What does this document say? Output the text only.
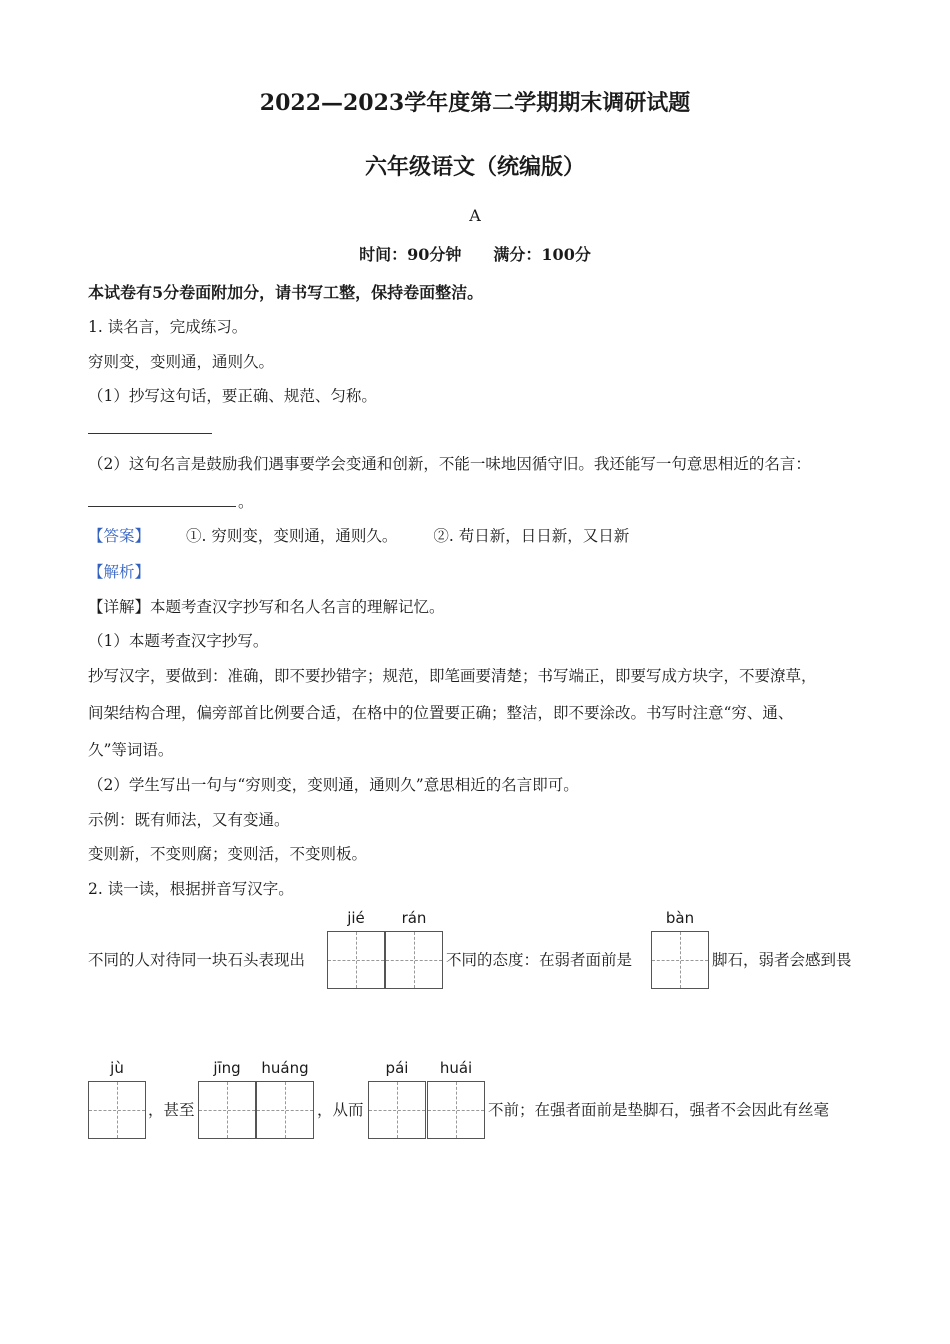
2022—2023学年度第二学期期末调研试题
六年级语文（统编版）
A
时间：90分钟　　满分：100分
本试卷有5分卷面附加分，请书写工整，保持卷面整洁。
1. 读名言，完成练习。
穷则变，变则通，通则久。
（1）抄写这句话，要正确、规范、匀称。
（2）这句名言是鼓励我们遇事要学会变通和创新，不能一味地因循守旧。我还能写一句意思相近的名言：
。
【答案】 ①. 穷则变，变则通，通则久。 ②. 苟日新，日日新，又日新
【解析】
【详解】本题考查汉字抄写和名人名言的理解记忆。
（1）本题考查汉字抄写。
抄写汉字，要做到：准确，即不要抄错字；规范，即笔画要清楚；书写端正，即要写成方块字，不要潦草，
间架结构合理，偏旁部首比例要合适，在格中的位置要正确；整洁，即不要涂改。书写时注意“穷、通、
久”等词语。
（2）学生写出一句与“穷则变，变则通，通则久”意思相近的名言即可。
示例：既有师法，又有变通。
变则新，不变则腐；变则活，不变则板。
2. 读一读，根据拼音写汉字。
不同的人对待同一块石头表现出
jié	rán
不同的态度：在弱者面前是
bàn
脚石，弱者会感到畏
jù
，甚至
jīng	huáng
，从而
pái	huái
不前；在强者面前是垫脚石，强者不会因此有丝毫
